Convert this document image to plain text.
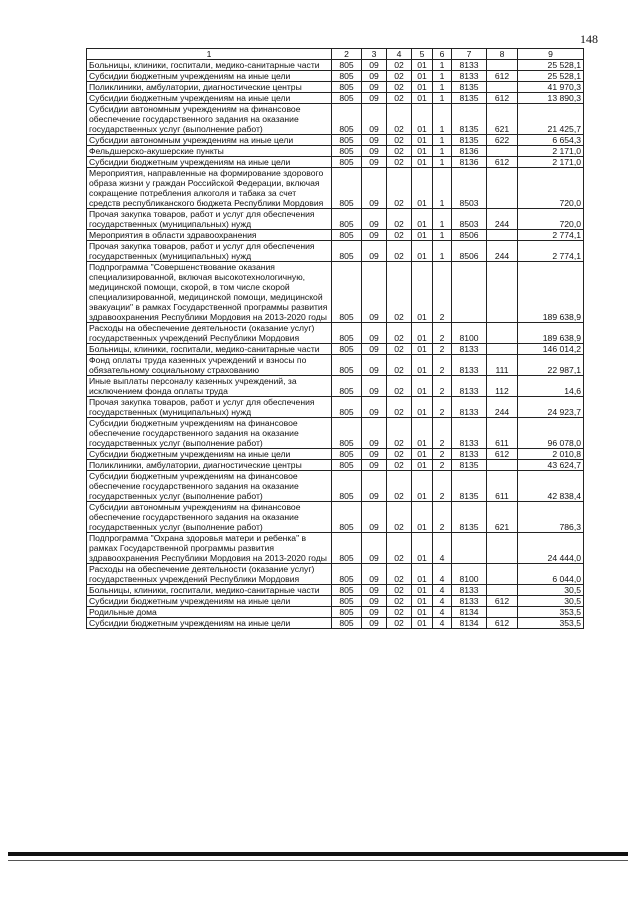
148
1	2	3	4	5	6	7	8	9
Больницы, клиники, госпитали, медико-санитарные части	805	09	02	01	1	8133		25 528,1
Субсидии бюджетным учреждениям на иные цели	805	09	02	01	1	8133	612	25 528,1
Поликлиники, амбулатории, диагностические центры	805	09	02	01	1	8135		41 970,3
Субсидии бюджетным учреждениям на иные цели	805	09	02	01	1	8135	612	13 890,3
Субсидии автономным учреждениям на финансовое обеспечение государственного задания на оказание государственных услуг (выполнение работ)	805	09	02	01	1	8135	621	21 425,7
Субсидии автономным учреждениям на иные цели	805	09	02	01	1	8135	622	6 654,3
Фельдшерско-акушерские пункты	805	09	02	01	1	8136		2 171,0
Субсидии бюджетным учреждениям на иные цели	805	09	02	01	1	8136	612	2 171,0
Мероприятия, направленные на формирование здорового образа жизни у граждан Российской Федерации, включая сокращение потребления алкоголя и табака за счет средств республиканского бюджета Республики Мордовия	805	09	02	01	1	8503		720,0
Прочая закупка товаров, работ и услуг для обеспечения государственных (муниципальных) нужд	805	09	02	01	1	8503	244	720,0
Мероприятия в области здравоохранения	805	09	02	01	1	8506		2 774,1
Прочая закупка товаров, работ и услуг для обеспечения государственных (муниципальных) нужд	805	09	02	01	1	8506	244	2 774,1
Подпрограмма "Совершенствование оказания специализированной, включая высокотехнологичную, медицинской помощи, скорой, в том числе скорой специализированной, медицинской помощи, медицинской эвакуации" в рамках Государственной программы развития здравоохранения Республики Мордовия на 2013-2020 годы	805	09	02	01	2			189 638,9
Расходы на обеспечение деятельности (оказание услуг) государственных учреждений Республики Мордовия	805	09	02	01	2	8100		189 638,9
Больницы, клиники, госпитали, медико-санитарные части	805	09	02	01	2	8133		146 014,2
Фонд оплаты труда казенных учреждений и взносы по обязательному социальному страхованию	805	09	02	01	2	8133	111	22 987,1
Иные выплаты персоналу казенных учреждений, за исключением фонда оплаты труда	805	09	02	01	2	8133	112	14,6
Прочая закупка товаров, работ и услуг для обеспечения государственных (муниципальных) нужд	805	09	02	01	2	8133	244	24 923,7
Субсидии бюджетным учреждениям на финансовое обеспечение государственного задания на оказание государственных услуг (выполнение работ)	805	09	02	01	2	8133	611	96 078,0
Субсидии бюджетным учреждениям на иные цели	805	09	02	01	2	8133	612	2 010,8
Поликлиники, амбулатории, диагностические центры	805	09	02	01	2	8135		43 624,7
Субсидии бюджетным учреждениям на финансовое обеспечение государственного задания на оказание государственных услуг (выполнение работ)	805	09	02	01	2	8135	611	42 838,4
Субсидии автономным учреждениям на финансовое обеспечение государственного задания на оказание государственных услуг (выполнение работ)	805	09	02	01	2	8135	621	786,3
Подпрограмма "Охрана здоровья матери и ребенка" в рамках Государственной программы развития здравоохранения Республики Мордовия на 2013-2020 годы	805	09	02	01	4			24 444,0
Расходы на обеспечение деятельности (оказание услуг) государственных учреждений Республики Мордовия	805	09	02	01	4	8100		6 044,0
Больницы, клиники, госпитали, медико-санитарные части	805	09	02	01	4	8133		30,5
Субсидии бюджетным учреждениям на иные цели	805	09	02	01	4	8133	612	30,5
Родильные дома	805	09	02	01	4	8134		353,5
Субсидии бюджетным учреждениям на иные цели	805	09	02	01	4	8134	612	353,5
